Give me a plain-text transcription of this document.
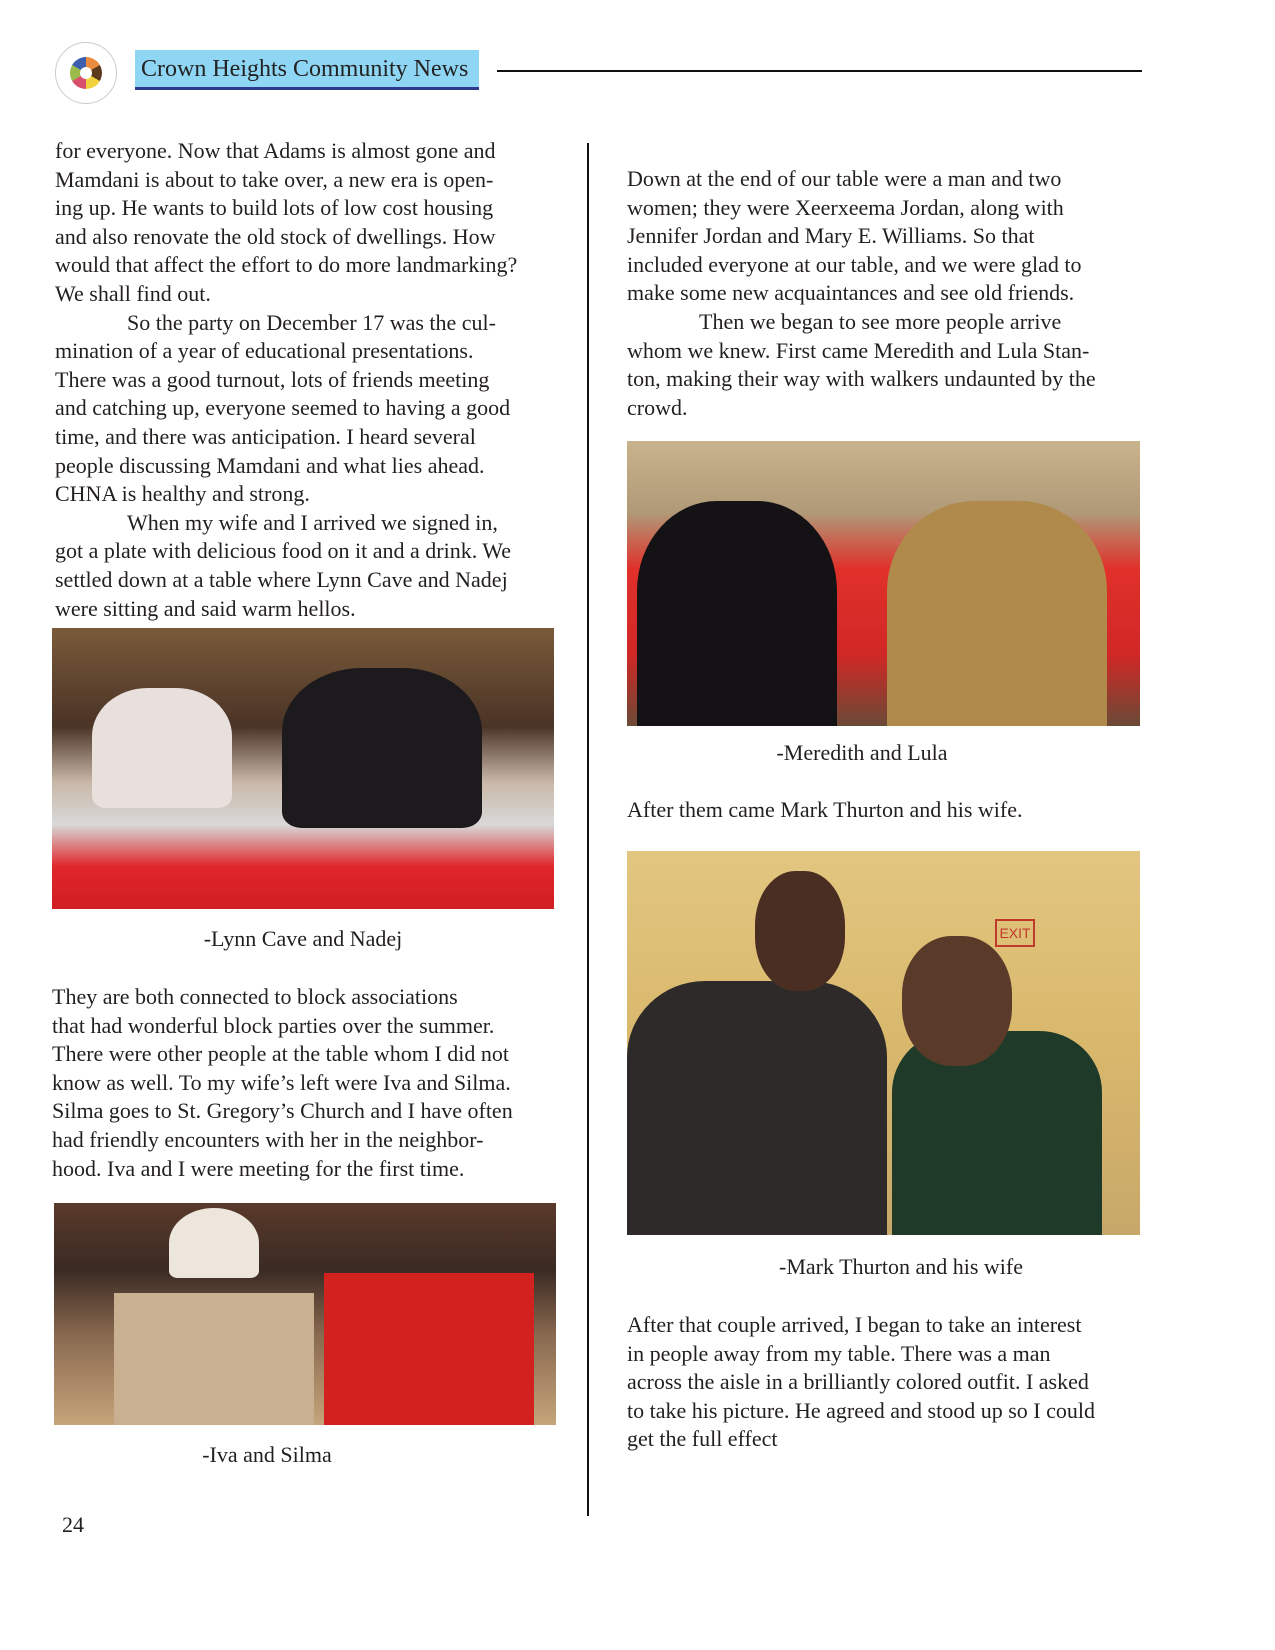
Crown Heights Community News
for everyone. Now that Adams is almost gone and
Mamdani is about to take over, a new era is open-
ing up. He wants to build lots of low cost housing
and also renovate the old stock of dwellings. How
would that affect the effort to do more landmarking?
We shall find out.
So the party on December 17 was the cul-
mination of a year of educational presentations.
There was a good turnout, lots of friends meeting
and catching up, everyone seemed to having a good
time, and there was anticipation. I heard several
people discussing Mamdani and what lies ahead.
CHNA is healthy and strong.
When my wife and I arrived we signed in,
got a plate with delicious food on it and a drink. We
settled down at a table where Lynn Cave and Nadej
were sitting and said warm hellos.
-Lynn Cave and Nadej
They are both connected to block associations
that had wonderful block parties over the summer.
There were other people at the table whom I did not
know as well. To my wife’s left were Iva and Silma.
Silma goes to St. Gregory’s Church and I have often
had friendly encounters with her in the neighbor-
hood. Iva and I were meeting for the first time.
-Iva and Silma
Down at the end of our table were a man and two
women; they were Xeerxeema Jordan, along with
Jennifer Jordan and Mary E. Williams. So that
included everyone at our table, and we were glad to
make some new acquaintances and see old friends.
Then we began to see more people arrive
whom we knew. First came Meredith and Lula Stan-
ton, making their way with walkers undaunted by the
crowd.
-Meredith and Lula
After them came Mark Thurton and his wife.
EXIT
-Mark Thurton and his wife
After that couple arrived, I began to take an interest
in people away from my table. There was a man
across the aisle in a brilliantly colored outfit. I asked
to take his picture. He agreed and stood up so I could
get the full effect
24
